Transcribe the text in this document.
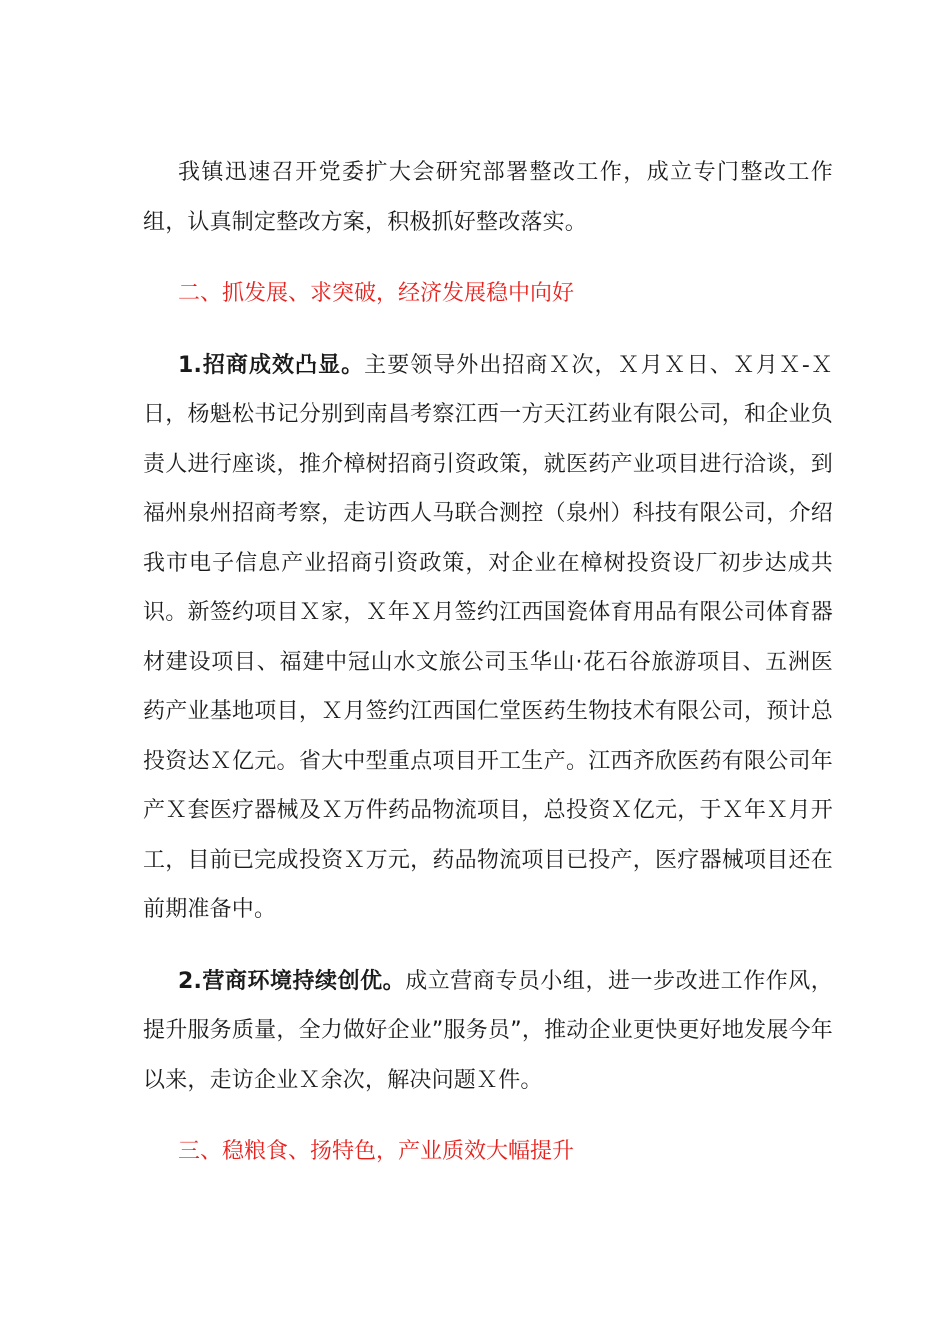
我镇迅速召开党委扩大会研究部署整改工作，成立专门整改工作组，认真制定整改方案，积极抓好整改落实。

二、抓发展、求突破，经济发展稳中向好

1.招商成效凸显。主要领导外出招商Ｘ次，Ｘ月Ｘ日、Ｘ月Ｘ-Ｘ日，杨魁松书记分别到南昌考察江西一方天江药业有限公司，和企业负责人进行座谈，推介樟树招商引资政策，就医药产业项目进行洽谈，到福州泉州招商考察，走访西人马联合测控（泉州）科技有限公司，介绍我市电子信息产业招商引资政策，对企业在樟树投资设厂初步达成共识。新签约项目Ｘ家，Ｘ年Ｘ月签约江西国瓷体育用品有限公司体育器材建设项目、福建中冠山水文旅公司玉华山·花石谷旅游项目、五洲医药产业基地项目，Ｘ月签约江西国仁堂医药生物技术有限公司，预计总投资达Ｘ亿元。省大中型重点项目开工生产。江西齐欣医药有限公司年产Ｘ套医疗器械及Ｘ万件药品物流项目，总投资Ｘ亿元，于Ｘ年Ｘ月开工，目前已完成投资Ｘ万元，药品物流项目已投产，医疗器械项目还在前期准备中。

2.营商环境持续创优。成立营商专员小组，进一步改进工作作风，提升服务质量，全力做好企业”服务员”，推动企业更快更好地发展今年以来，走访企业Ｘ余次，解决问题Ｘ件。

三、稳粮食、扬特色，产业质效大幅提升
